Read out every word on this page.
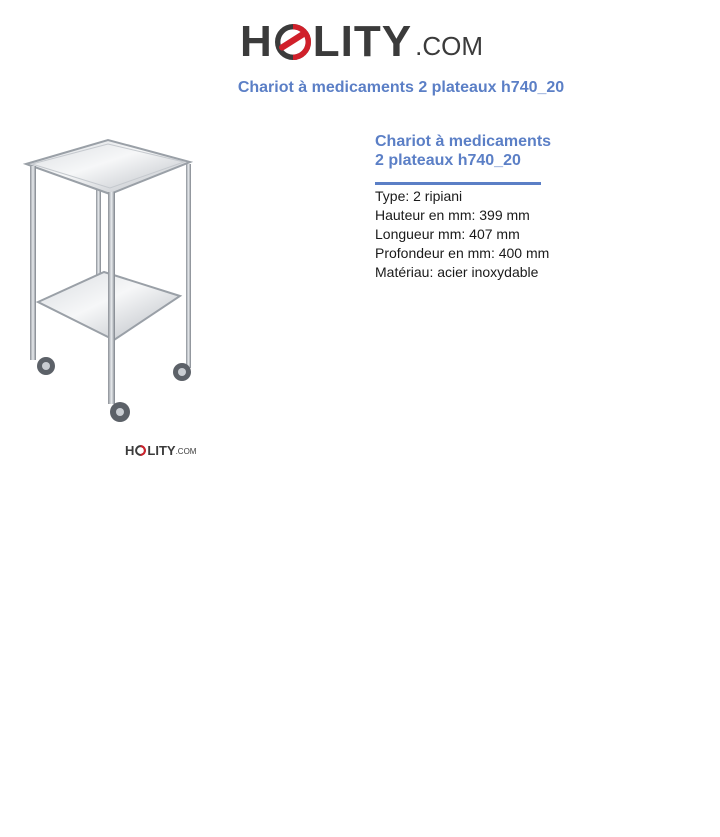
H LITY .COM
Chariot à medicaments 2 plateaux h740_20
H LITY .COM
Chariot à medicaments
2 plateaux h740_20
Type: 2 ripiani
Hauteur en mm: 399 mm
Longueur mm: 407 mm
Profondeur en mm: 400 mm
Matériau: acier inoxydable
